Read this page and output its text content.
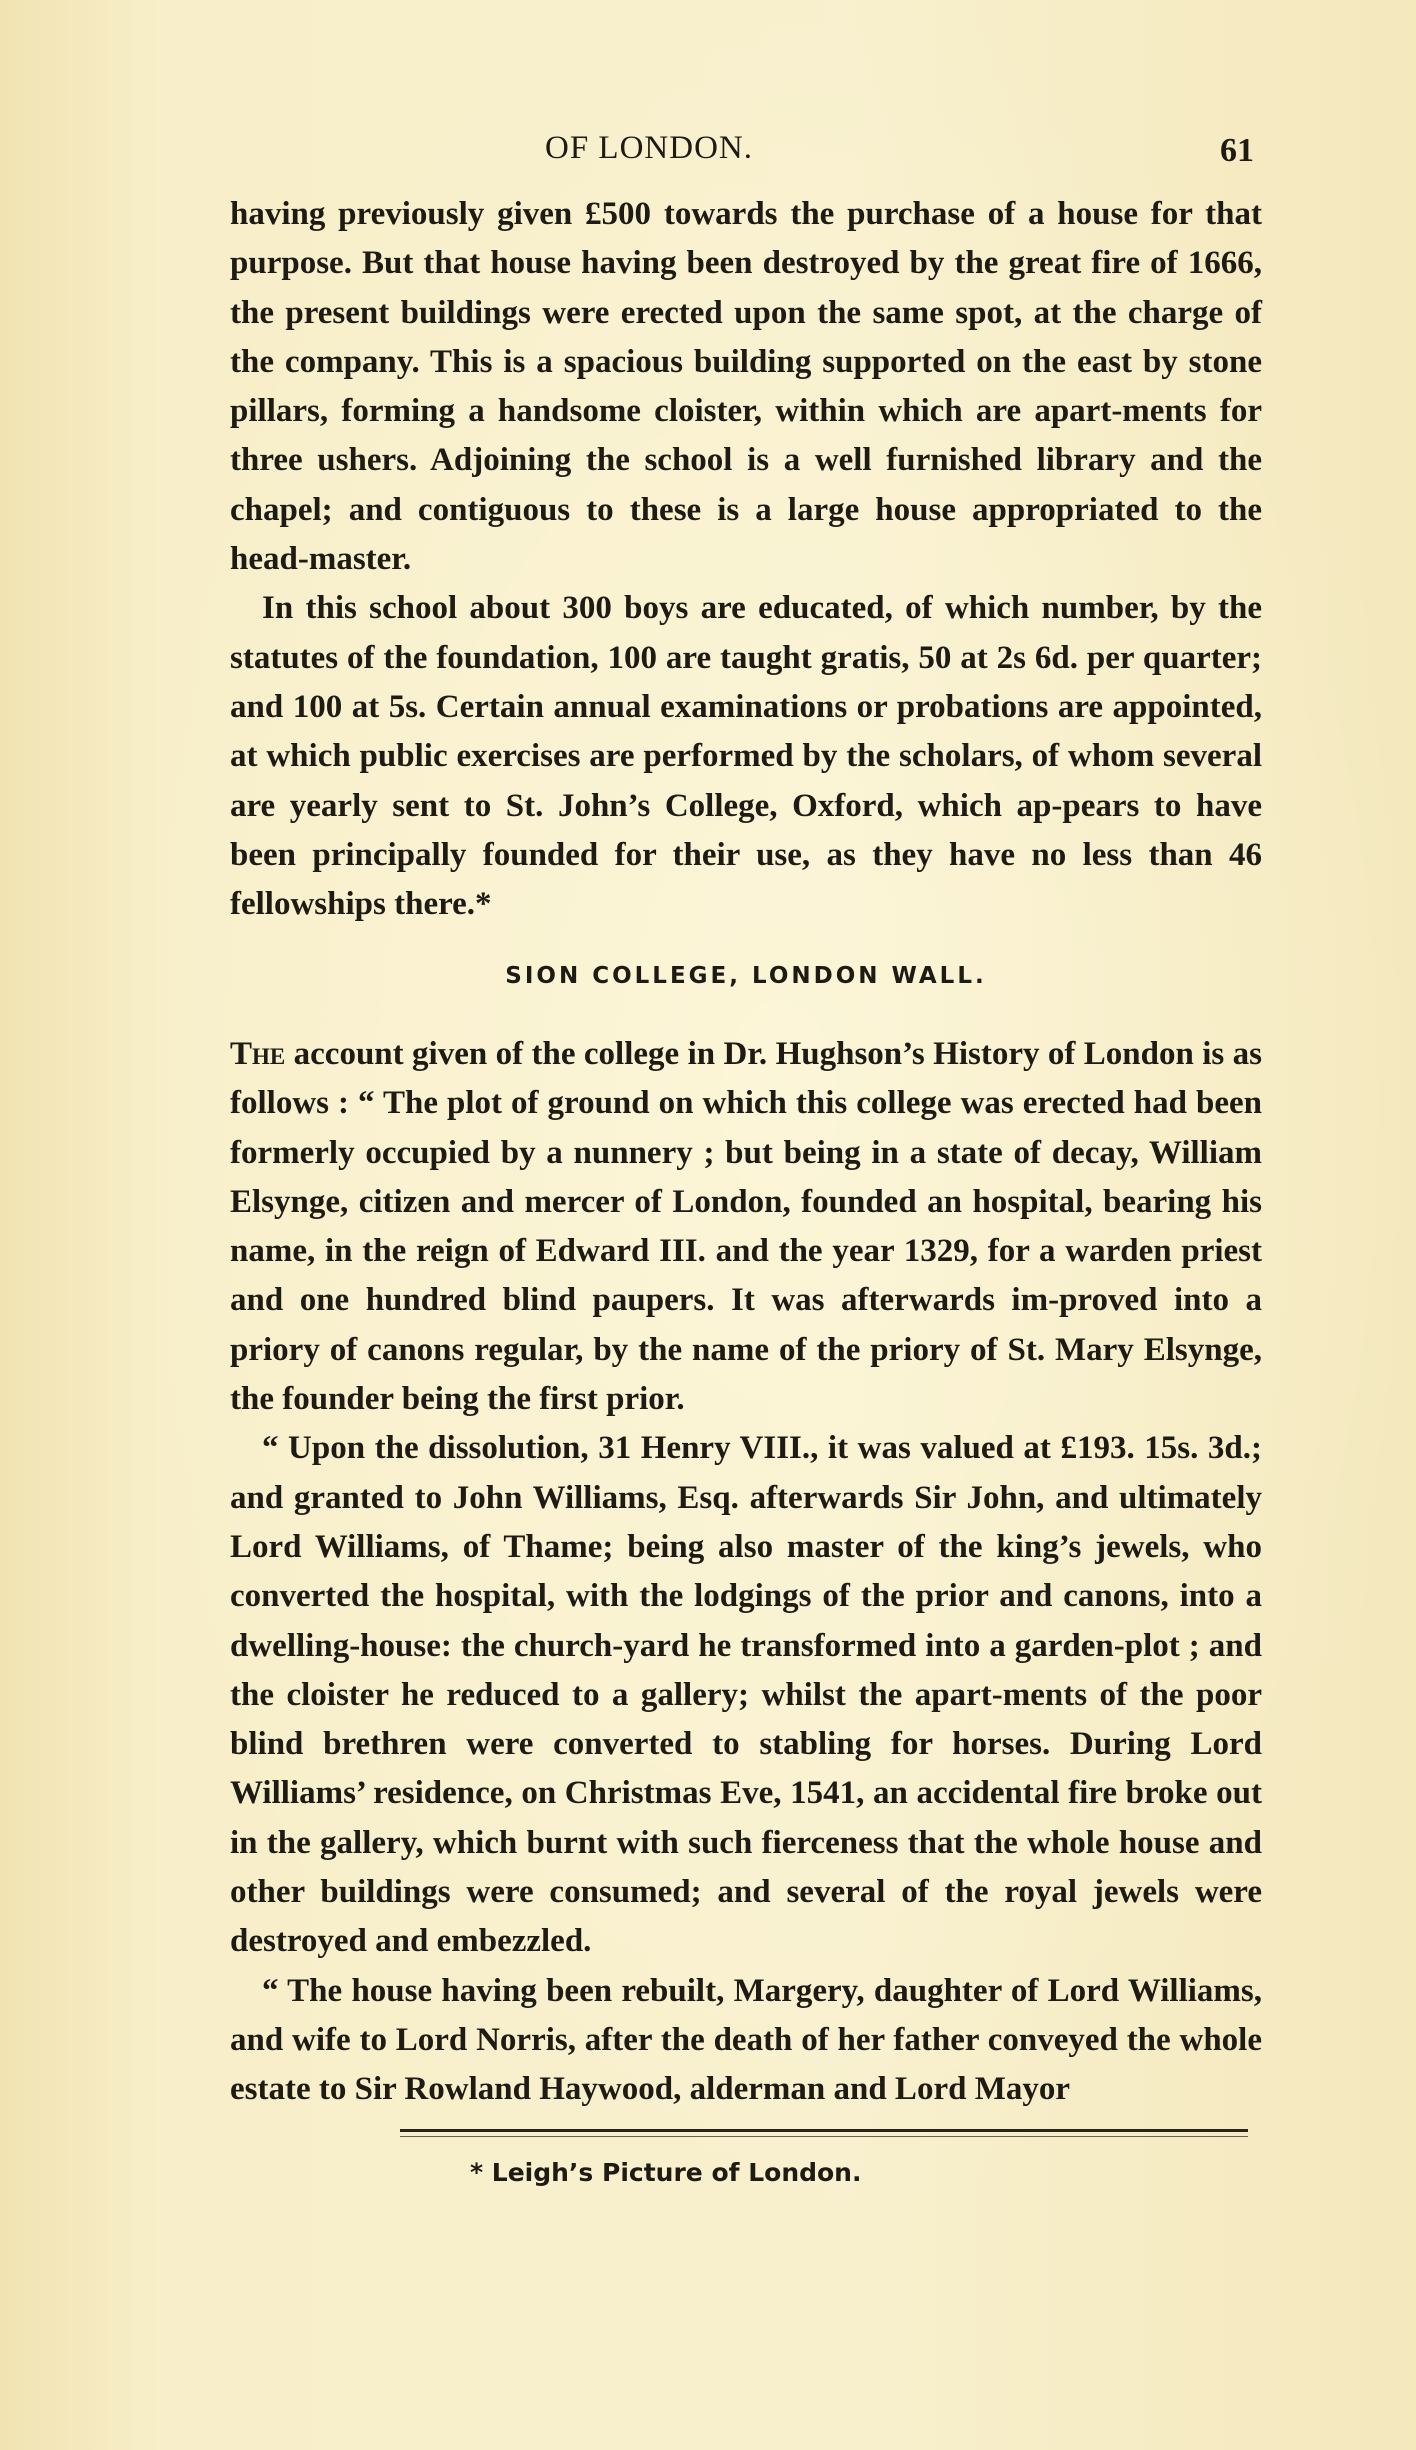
OF LONDON.	61

having previously given £500 towards the purchase of a house for that purpose. But that house having been destroyed by the great fire of 1666, the present buildings were erected upon the same spot, at the charge of the company. This is a spacious building supported on the east by stone pillars, forming a handsome cloister, within which are apart-ments for three ushers. Adjoining the school is a well furnished library and the chapel; and contiguous to these is a large house appropriated to the head-master.

In this school about 300 boys are educated, of which number, by the statutes of the foundation, 100 are taught gratis, 50 at 2s 6d. per quarter; and 100 at 5s. Certain annual examinations or probations are appointed, at which public exercises are performed by the scholars, of whom several are yearly sent to St. John’s College, Oxford, which ap-pears to have been principally founded for their use, as they have no less than 46 fellowships there.*

SION COLLEGE, LONDON WALL.

The account given of the college in Dr. Hughson’s History of London is as follows : “ The plot of ground on which this college was erected had been formerly occupied by a nunnery ; but being in a state of decay, William Elsynge, citizen and mercer of London, founded an hospital, bearing his name, in the reign of Edward III. and the year 1329, for a warden priest and one hundred blind paupers. It was afterwards im-proved into a priory of canons regular, by the name of the priory of St. Mary Elsynge, the founder being the first prior.

“ Upon the dissolution, 31 Henry VIII., it was valued at £193. 15s. 3d.; and granted to John Williams, Esq. afterwards Sir John, and ultimately Lord Williams, of Thame; being also master of the king’s jewels, who converted the hospital, with the lodgings of the prior and canons, into a dwelling-house: the church-yard he transformed into a garden-plot ; and the cloister he reduced to a gallery; whilst the apart-ments of the poor blind brethren were converted to stabling for horses. During Lord Williams’ residence, on Christmas Eve, 1541, an accidental fire broke out in the gallery, which burnt with such fierceness that the whole house and other buildings were consumed; and several of the royal jewels were destroyed and embezzled.

“ The house having been rebuilt, Margery, daughter of Lord Williams, and wife to Lord Norris, after the death of her father conveyed the whole estate to Sir Rowland Haywood, alderman and Lord Mayor

* Leigh’s Picture of London.
